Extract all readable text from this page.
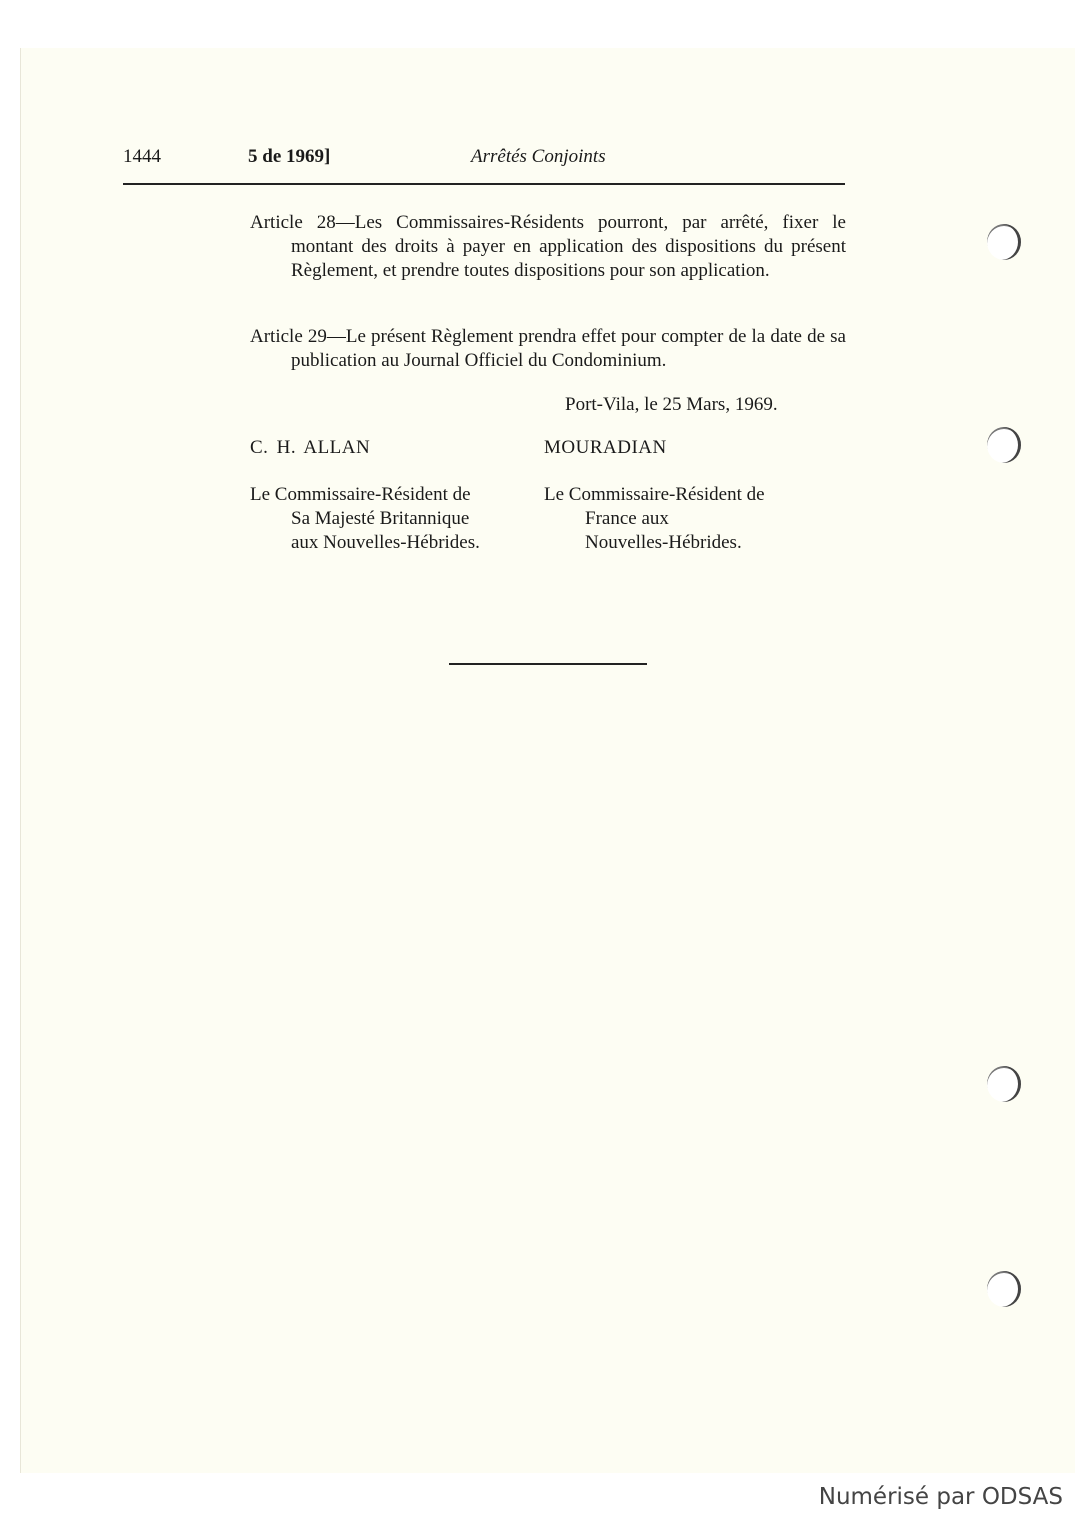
1444	5 de 1969]	Arrêtés Conjoints

Article 28—Les Commissaires-Résidents pourront, par arrêté, fixer le montant des droits à payer en application des dispositions du présent Règlement, et prendre toutes dispositions pour son application.

Article 29—Le présent Règlement prendra effet pour compter de la date de sa publication au Journal Officiel du Condominium.

Port-Vila, le 25 Mars, 1969.
C. H. ALLAN	MOURADIAN
Le Commissaire-Résident de
Sa Majesté Britannique
aux Nouvelles-Hébrides.
Le Commissaire-Résident de
France aux
Nouvelles-Hébrides.
Numérisé par ODSAS
